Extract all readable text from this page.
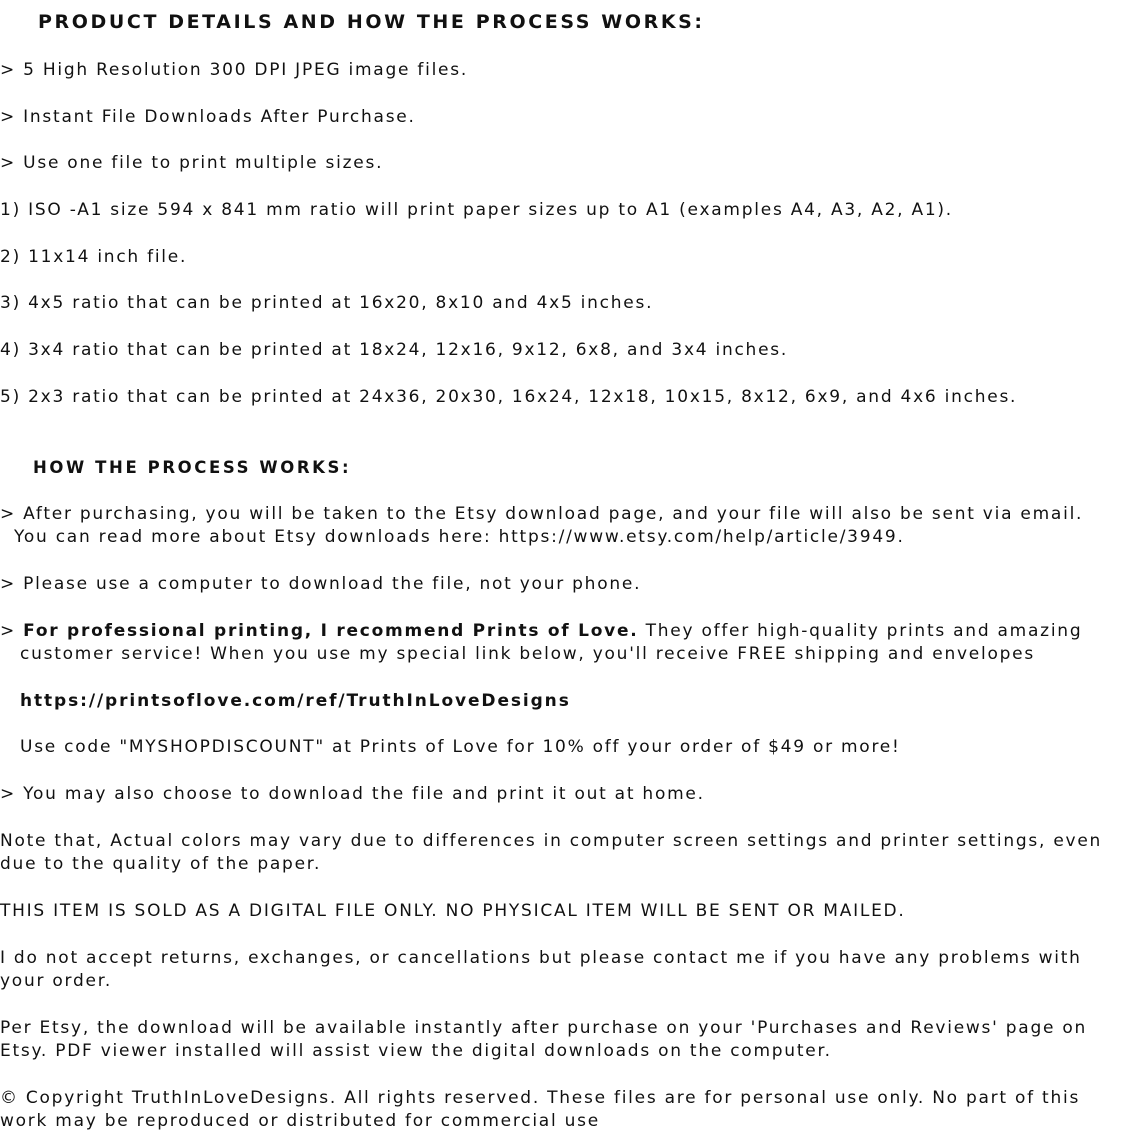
PRODUCT DETAILS AND HOW THE PROCESS WORKS:
> 5 High Resolution 300 DPI JPEG image files.
> Instant File Downloads After Purchase.
> Use one file to print multiple sizes.
1) ISO -A1 size 594 x 841 mm ratio will print paper sizes up to A1 (examples A4, A3, A2, A1).
2) 11x14 inch file.
3) 4x5 ratio that can be printed at 16x20, 8x10 and 4x5 inches.
4) 3x4 ratio that can be printed at 18x24, 12x16, 9x12, 6x8, and 3x4 inches.
5) 2x3 ratio that can be printed at 24x36, 20x30, 16x24, 12x18, 10x15, 8x12, 6x9, and 4x6 inches.
HOW THE PROCESS WORKS:
> After purchasing, you will be taken to the Etsy download page, and your file will also be sent via email.
You can read more about Etsy downloads here: https://www.etsy.com/help/article/3949.
> Please use a computer to download the file, not your phone.
> For professional printing, I recommend Prints of Love. They offer high-quality prints and amazing
customer service! When you use my special link below, you'll receive FREE shipping and envelopes
https://printsoflove.com/ref/TruthInLoveDesigns
Use code "MYSHOPDISCOUNT" at Prints of Love for 10% off your order of $49 or more!
> You may also choose to download the file and print it out at home.
Note that, Actual colors may vary due to differences in computer screen settings and printer settings, even
due to the quality of the paper.
THIS ITEM IS SOLD AS A DIGITAL FILE ONLY. NO PHYSICAL ITEM WILL BE SENT OR MAILED.
I do not accept returns, exchanges, or cancellations but please contact me if you have any problems with
your order.
Per Etsy, the download will be available instantly after purchase on your 'Purchases and Reviews' page on
Etsy. PDF viewer installed will assist view the digital downloads on the computer.
© Copyright TruthInLoveDesigns. All rights reserved. These files are for personal use only. No part of this
work may be reproduced or distributed for commercial use
